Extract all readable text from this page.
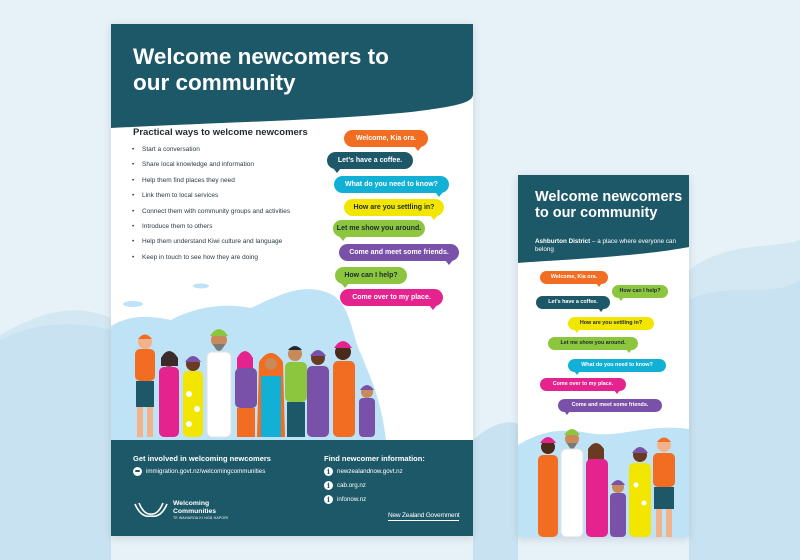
Welcome newcomers to our community
Practical ways to welcome newcomers
• Start a conversation
• Share local knowledge and information
• Help them find places they need
• Link them to local services
• Connect them with community groups and activities
• Introduce them to others
• Help them understand Kiwi culture and language
• Keep in touch to see how they are doing
Welcome, Kia ora.
Let’s have a coffee.
What do you need to know?
How are you settling in?
Let me show you around.
Come and meet some friends.
How can I help?
Come over to my place.
Get involved in welcoming newcomers
immigration.govt.nz/welcomingcommunities
Find newcomer information:
i	newzealandnow.govt.nz
i	cab.org.nz
i	infonow.nz
Welcoming
Communities
TE WAHAROA KI NGĀ HAPORI	New Zealand Government
Welcome newcomers to our community

Ashburton District – a place where everyone can belong

Welcome, Kia ora.
How can I help?
Let’s have a coffee.
How are you settling in?
Let me show you around.
What do you need to know?
Come over to my place.
Come and meet some friends.
